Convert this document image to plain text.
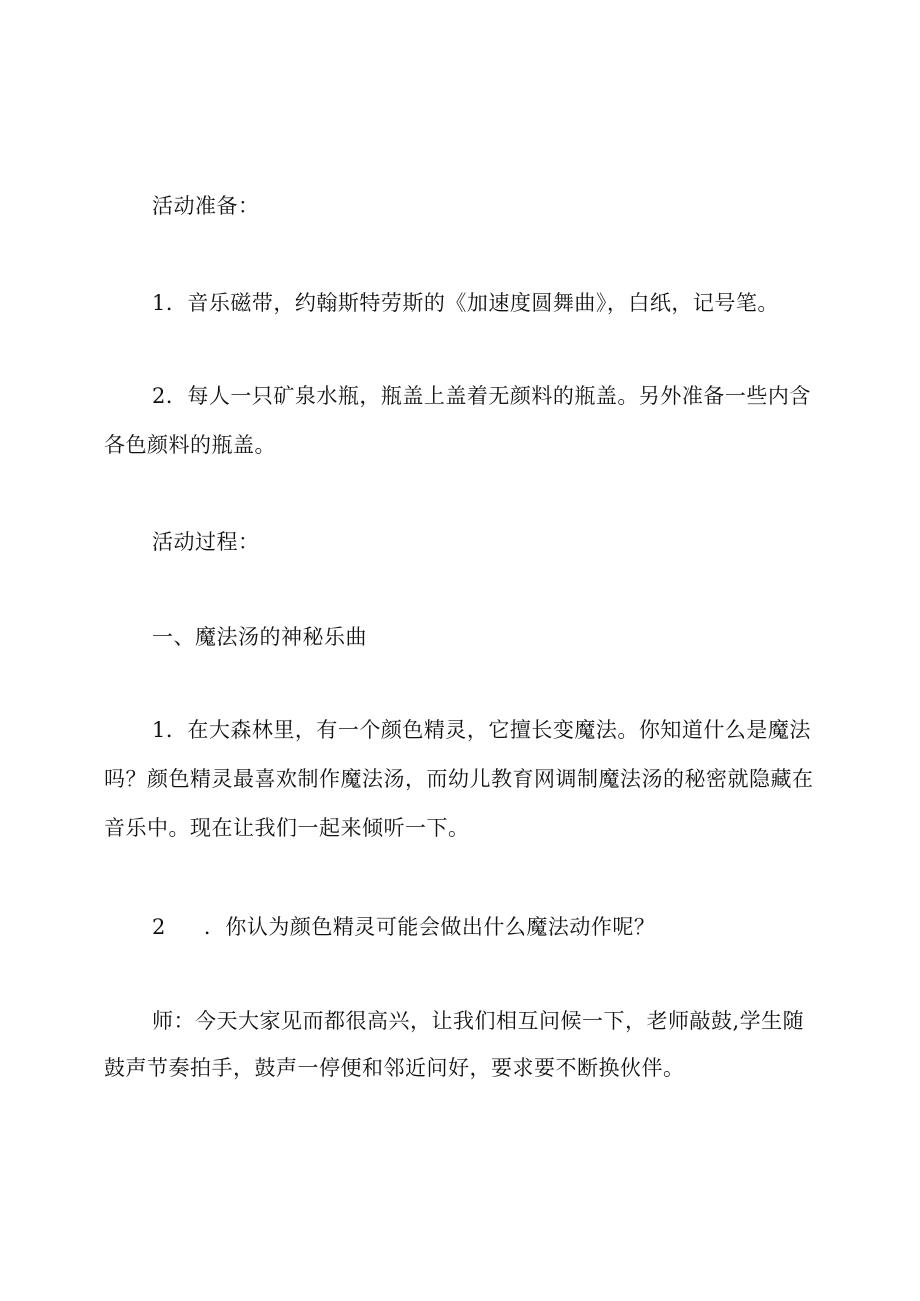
活动准备：
1．音乐磁带，约翰斯特劳斯的《加速度圆舞曲》，白纸，记号笔。
2．每人一只矿泉水瓶，瓶盖上盖着无颜料的瓶盖。另外准备一些内含
各色颜料的瓶盖。
活动过程：
一、魔法汤的神秘乐曲
1．在大森林里，有一个颜色精灵，它擅长变魔法。你知道什么是魔法
吗？颜色精灵最喜欢制作魔法汤，而幼儿教育网调制魔法汤的秘密就隐藏在
音乐中。现在让我们一起来倾听一下。
2 ．你认为颜色精灵可能会做出什么魔法动作呢？
师：今天大家见而都很高兴，让我们相互问候一下，老师敲鼓,学生随
鼓声节奏拍手，鼓声一停便和邻近问好，要求要不断换伙伴。
